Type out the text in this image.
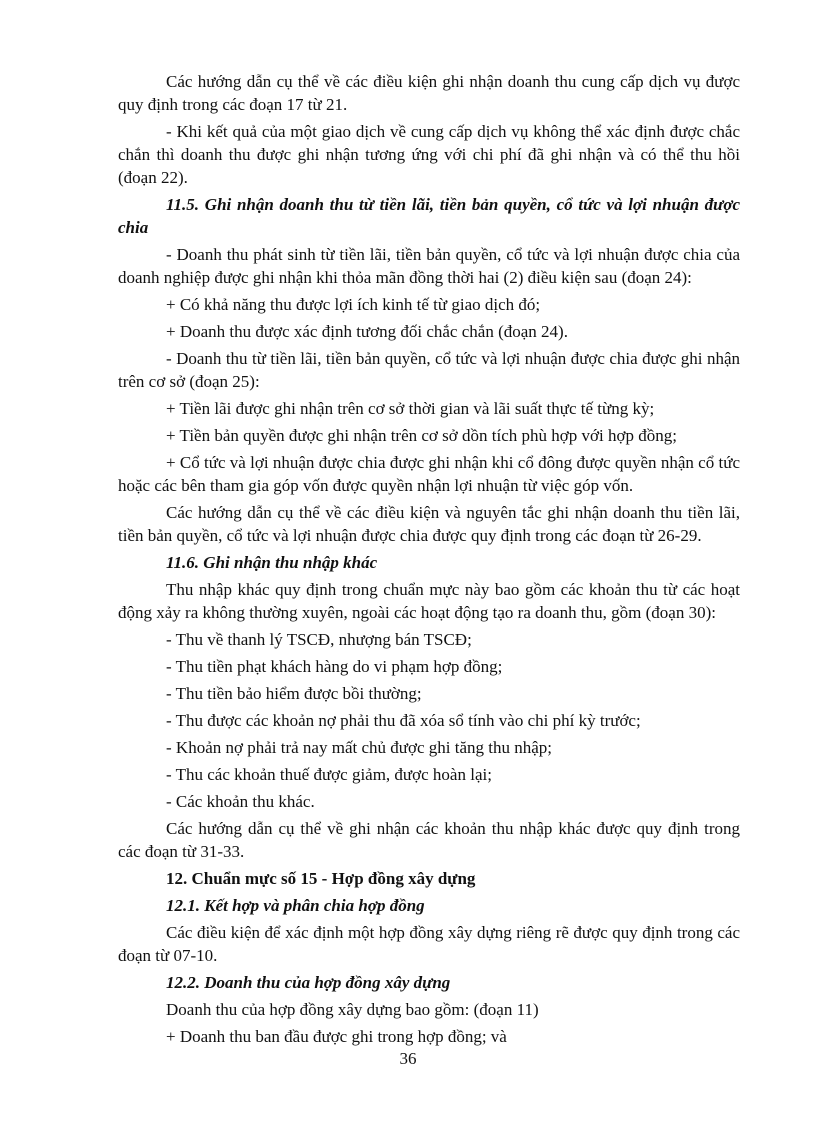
Các hướng dẫn cụ thể về các điều kiện ghi nhận doanh thu cung cấp dịch vụ được quy định trong các đoạn 17 từ 21.

- Khi kết quả của một giao dịch về cung cấp dịch vụ không thể xác định được chắc chắn thì doanh thu được ghi nhận tương ứng với chi phí đã ghi nhận và có thể thu hồi (đoạn 22).

11.5. Ghi nhận doanh thu từ tiền lãi, tiền bản quyền, cổ tức và lợi nhuận được chia

- Doanh thu phát sinh từ tiền lãi, tiền bản quyền, cổ tức và lợi nhuận được chia của doanh nghiệp được ghi nhận khi thỏa mãn đồng thời hai (2) điều kiện sau (đoạn 24):

+ Có khả năng thu được lợi ích kinh tế từ giao dịch đó;

+ Doanh thu được xác định tương đối chắc chắn (đoạn 24).

- Doanh thu từ tiền lãi, tiền bản quyền, cổ tức và lợi nhuận được chia được ghi nhận trên cơ sở (đoạn 25):

+ Tiền lãi được ghi nhận trên cơ sở thời gian và lãi suất thực tế từng kỳ;

+ Tiền bản quyền được ghi nhận trên cơ sở dồn tích phù hợp với hợp đồng;

+ Cổ tức và lợi nhuận được chia được ghi nhận khi cổ đông được quyền nhận cổ tức hoặc các bên tham gia góp vốn được quyền nhận lợi nhuận từ việc góp vốn.

Các hướng dẫn cụ thể về các điều kiện và nguyên tắc ghi nhận doanh thu tiền lãi, tiền bản quyền, cổ tức và lợi nhuận được chia được quy định trong các đoạn từ 26-29.

11.6. Ghi nhận thu nhập khác

Thu nhập khác quy định trong chuẩn mực này bao gồm các khoản thu từ các hoạt động xảy ra không thường xuyên, ngoài các hoạt động tạo ra doanh thu, gồm (đoạn 30):

- Thu về thanh lý TSCĐ, nhượng bán TSCĐ;

- Thu tiền phạt khách hàng do vi phạm hợp đồng;

- Thu tiền bảo hiểm được bồi thường;

- Thu được các khoản nợ phải thu đã xóa sổ tính vào chi phí kỳ trước;

- Khoản nợ phải trả nay mất chủ được ghi tăng thu nhập;

- Thu các khoản thuế được giảm, được hoàn lại;

- Các khoản thu khác.

Các hướng dẫn cụ thể về ghi nhận các khoản thu nhập khác được quy định trong các đoạn từ 31-33.

12. Chuẩn mực số 15 - Hợp đồng xây dựng

12.1. Kết hợp và phân chia hợp đồng

Các điều kiện để xác định một hợp đồng xây dựng riêng rẽ được quy định trong các đoạn từ 07-10.

12.2. Doanh thu của hợp đồng xây dựng

Doanh thu của hợp đồng xây dựng bao gồm: (đoạn 11)

+ Doanh thu ban đầu được ghi trong hợp đồng; và

36
